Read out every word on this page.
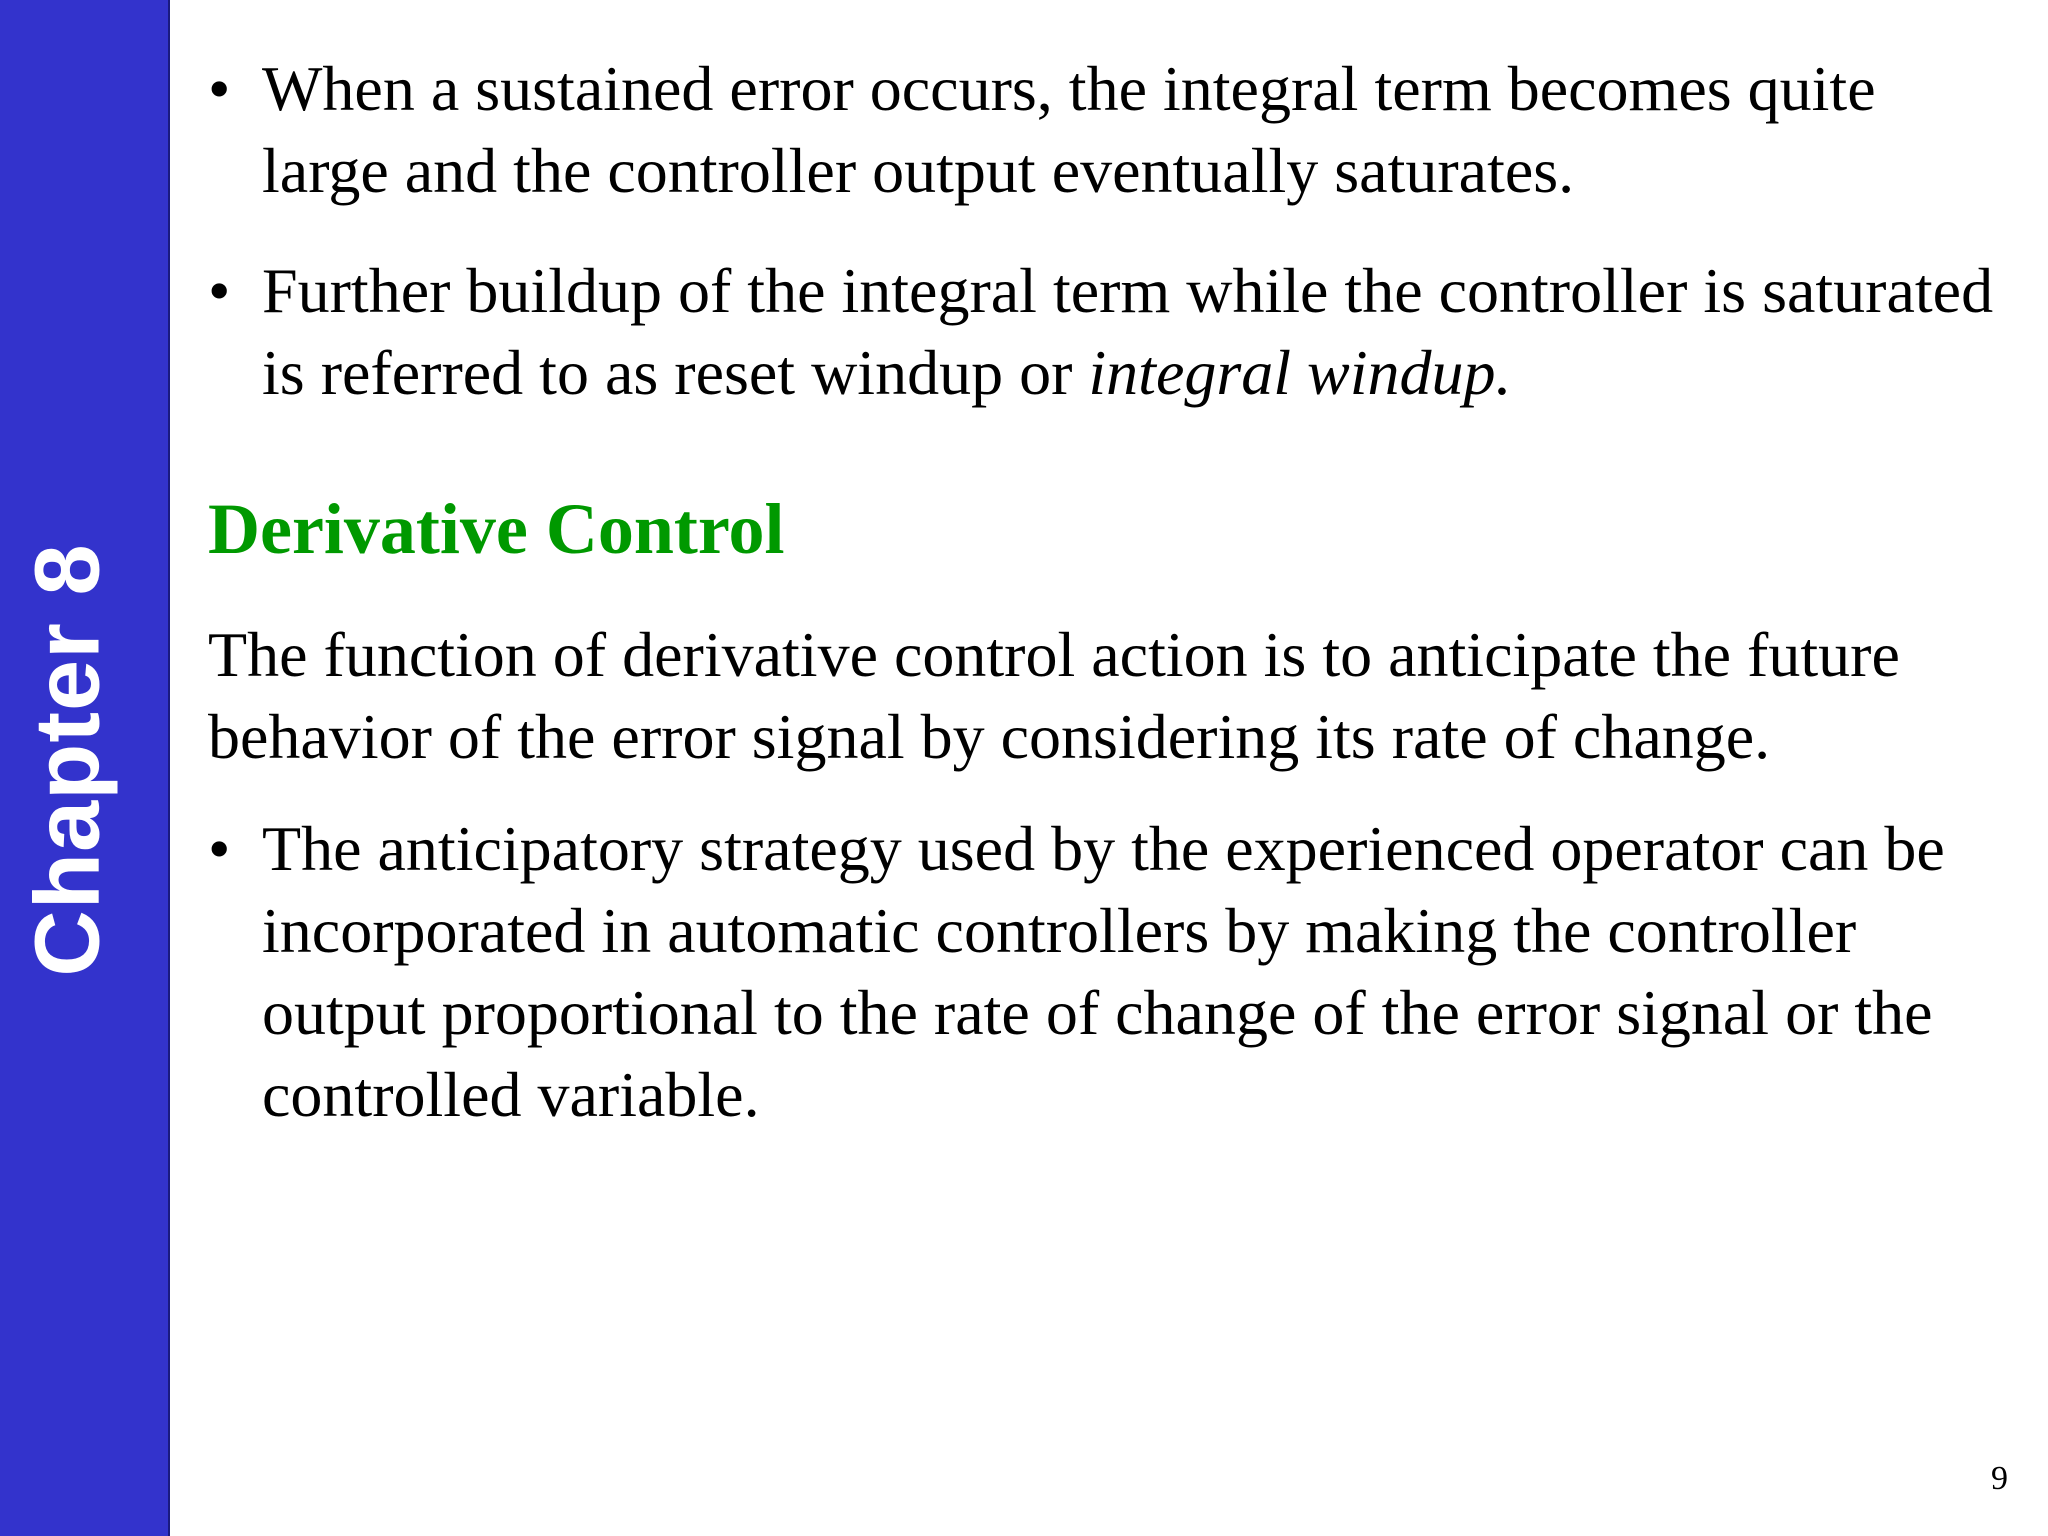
Chapter 8
• When a sustained error occurs, the integral term becomes quite large and the controller output eventually saturates.
• Further buildup of the integral term while the controller is saturated is referred to as reset windup or integral windup.
Derivative Control
The function of derivative control action is to anticipate the future behavior of the error signal by considering its rate of change.
• The anticipatory strategy used by the experienced operator can be incorporated in automatic controllers by making the controller output proportional to the rate of change of the error signal or the controlled variable.
9
